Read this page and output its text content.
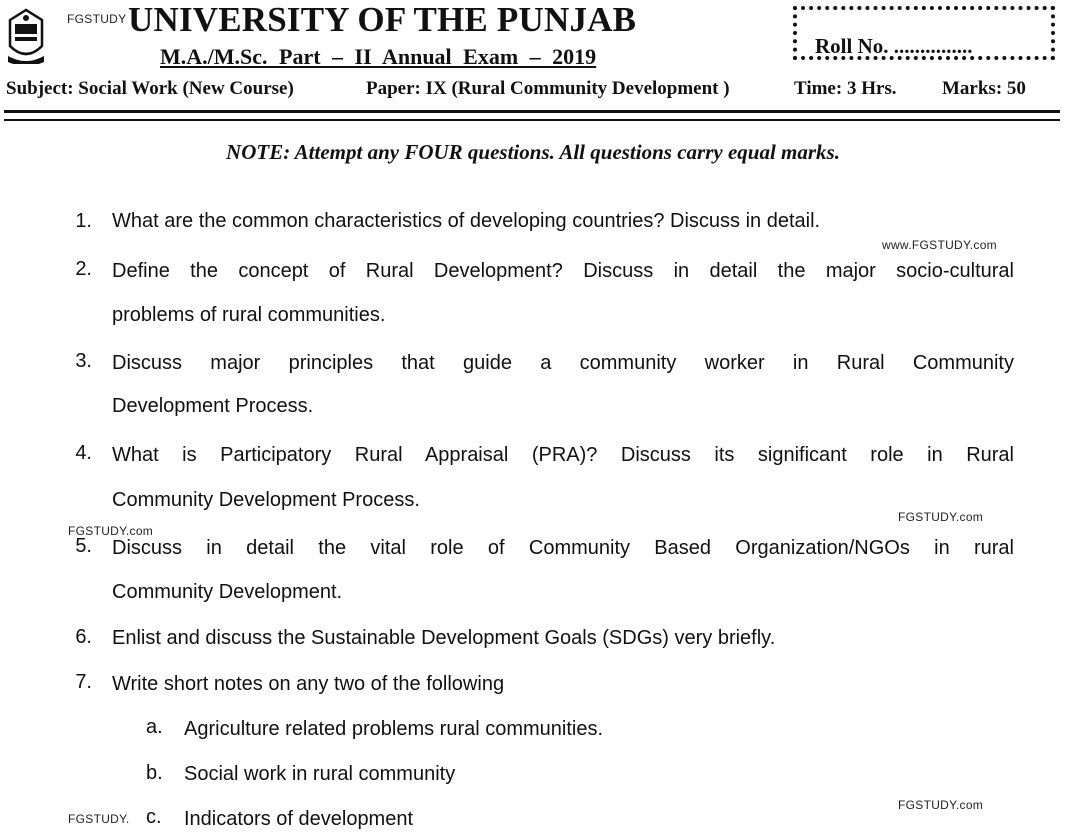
FGSTUDY UNIVERSITY OF THE PUNJAB
M.A./M.Sc. Part – II Annual Exam – 2019	Roll No. ...............
Subject: Social Work (New Course)	Paper: IX (Rural Community Development )	Time: 3 Hrs. Marks: 50
NOTE: Attempt any FOUR questions. All questions carry equal marks.
1. What are the common characteristics of developing countries? Discuss in detail.
2. Define the concept of Rural Development? Discuss in detail the major socio-cultural
problems of rural communities.
3. Discuss major principles that guide a community worker in Rural Community
Development Process.
4. What is Participatory Rural Appraisal (PRA)? Discuss its significant role in Rural
Community Development Process.
5. Discuss in detail the vital role of Community Based Organization/NGOs in rural
Community Development.
6. Enlist and discuss the Sustainable Development Goals (SDGs) very briefly.
7. Write short notes on any two of the following
a. Agriculture related problems rural communities.
b. Social work in rural community
c. Indicators of development
www.FGSTUDY.com
FGSTUDY.com
FGSTUDY.com
FGSTUDY.com
FGSTUDY.
